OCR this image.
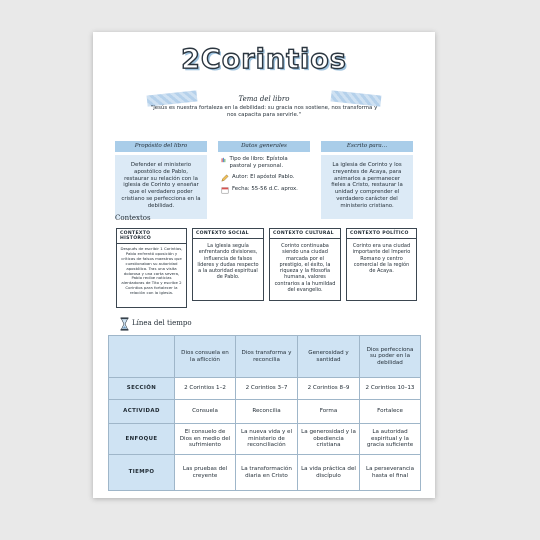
2Corintios
Tema del libro
"Jesús es nuestra fortaleza en la debilidad: su gracia nos sostiene, nos transforma y nos capacita para servirle."
Propósito del libro
Defender el ministerio apostólico de Pablo, restaurar su relación con la iglesia de Corinto y enseñar que el verdadero poder cristiano se perfecciona en la debilidad.
Datos generales
Tipo de libro: Epístola pastoral y personal.
Autor: El apóstol Pablo.
Fecha: 55-56 d.C. aprox.
Escrito para...
La iglesia de Corinto y los creyentes de Acaya, para animarlos a permanecer fieles a Cristo, restaurar la unidad y comprender el verdadero carácter del ministerio cristiano.
Contextos
CONTEXTO HISTÓRICO
Después de escribir 1 Corintios, Pablo enfrentó oposición y críticas de falsos maestros que cuestionaban su autoridad apostólica. Tras una visita dolorosa y una carta severa, Pablo recibe noticias alentadoras de Tito y escribe 2 Corintios para fortalecer la relación con la iglesia.
CONTEXTO SOCIAL
La iglesia seguía enfrentando divisiones, influencia de falsos líderes y dudas respecto a la autoridad espiritual de Pablo.
CONTEXTO CULTURAL
Corinto continuaba siendo una ciudad marcada por el prestigio, el éxito, la riqueza y la filosofía humana, valores contrarios a la humildad del evangelio.
CONTEXTO POLÍTICO
Corinto era una ciudad importante del Imperio Romano y centro comercial de la región de Acaya.
Línea del tiempo
	Dios consuela en la aflicción	Dios transforma y reconcilia	Generosidad y santidad	Dios perfecciona su poder en la debilidad
SECCIÓN	2 Corintios 1–2	2 Corintios 3–7	2 Corintios 8–9	2 Corintios 10–13
ACTIVIDAD	Consuela	Reconcilia	Forma	Fortalece
ENFOQUE	El consuelo de Dios en medio del sufrimiento	La nueva vida y el ministerio de reconciliación	La generosidad y la obediencia cristiana	La autoridad espiritual y la gracia suficiente
TIEMPO	Las pruebas del creyente	La transformación diaria en Cristo	La vida práctica del discípulo	La perseverancia hasta el final
